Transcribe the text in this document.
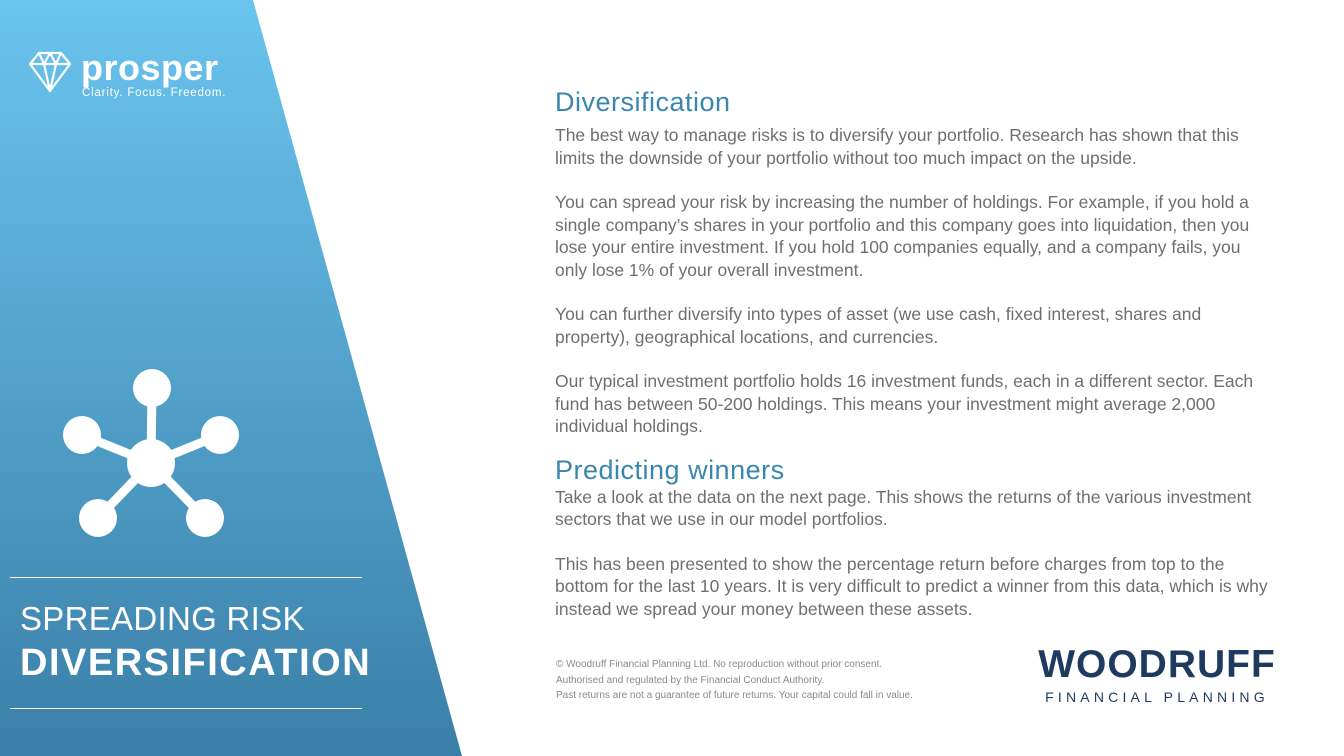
prosper
Clarity. Focus. Freedom.
SPREADING RISK
DIVERSIFICATION
Diversification

The best way to manage risks is to diversify your portfolio. Research has shown that this limits the downside of your portfolio without too much impact on the upside.

You can spread your risk by increasing the number of holdings. For example, if you hold a single company’s shares in your portfolio and this company goes into liquidation, then you lose your entire investment. If you hold 100 companies equally, and a company fails, you only lose 1% of your overall investment.

You can further diversify into types of asset (we use cash, fixed interest, shares and property), geographical locations, and currencies.

Our typical investment portfolio holds 16 investment funds, each in a different sector. Each fund has between 50-200 holdings. This means your investment might average 2,000 individual holdings.

Predicting winners

Take a look at the data on the next page. This shows the returns of the various investment sectors that we use in our model portfolios.

This has been presented to show the percentage return before charges from top to the bottom for the last 10 years. It is very difficult to predict a winner from this data, which is why instead we spread your money between these assets.

© Woodruff Financial Planning Ltd. No reproduction without prior consent.
Authorised and regulated by the Financial Conduct Authority.
Past returns are not a guarantee of future returns. Your capital could fall in value.
WOODRUFF
FINANCIAL PLANNING
